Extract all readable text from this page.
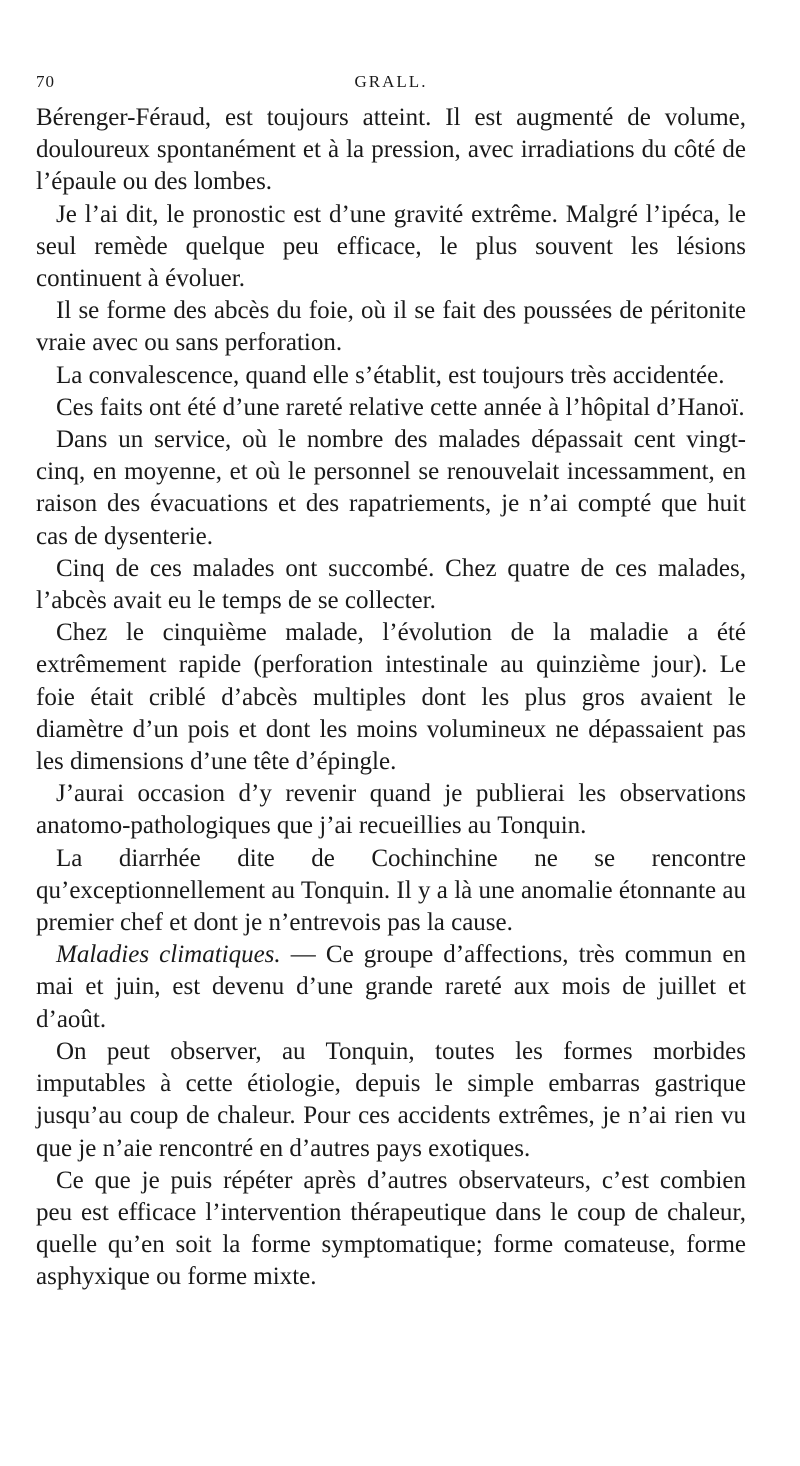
70	GRALL.

Bérenger-Féraud, est toujours atteint. Il est augmenté de volume, douloureux spontanément et à la pression, avec irradiations du côté de l’épaule ou des lombes.

Je l’ai dit, le pronostic est d’une gravité extrême. Malgré l’ipéca, le seul remède quelque peu efficace, le plus souvent les lésions continuent à évoluer.

Il se forme des abcès du foie, où il se fait des poussées de péritonite vraie avec ou sans perforation.

La convalescence, quand elle s’établit, est toujours très accidentée.

Ces faits ont été d’une rareté relative cette année à l’hôpital d’Hanoï.

Dans un service, où le nombre des malades dépassait cent vingt-cinq, en moyenne, et où le personnel se renouvelait incessamment, en raison des évacuations et des rapatriements, je n’ai compté que huit cas de dysenterie.

Cinq de ces malades ont succombé. Chez quatre de ces malades, l’abcès avait eu le temps de se collecter.

Chez le cinquième malade, l’évolution de la maladie a été extrêmement rapide (perforation intestinale au quinzième jour). Le foie était criblé d’abcès multiples dont les plus gros avaient le diamètre d’un pois et dont les moins volumineux ne dépassaient pas les dimensions d’une tête d’épingle.

J’aurai occasion d’y revenir quand je publierai les observations anatomo-pathologiques que j’ai recueillies au Tonquin.

La diarrhée dite de Cochinchine ne se rencontre qu’exceptionnellement au Tonquin. Il y a là une anomalie étonnante au premier chef et dont je n’entrevois pas la cause.

Maladies climatiques. — Ce groupe d’affections, très commun en mai et juin, est devenu d’une grande rareté aux mois de juillet et d’août.

On peut observer, au Tonquin, toutes les formes morbides imputables à cette étiologie, depuis le simple embarras gastrique jusqu’au coup de chaleur. Pour ces accidents extrêmes, je n’ai rien vu que je n’aie rencontré en d’autres pays exotiques.

Ce que je puis répéter après d’autres observateurs, c’est combien peu est efficace l’intervention thérapeutique dans le coup de chaleur, quelle qu’en soit la forme symptomatique; forme comateuse, forme asphyxique ou forme mixte.
